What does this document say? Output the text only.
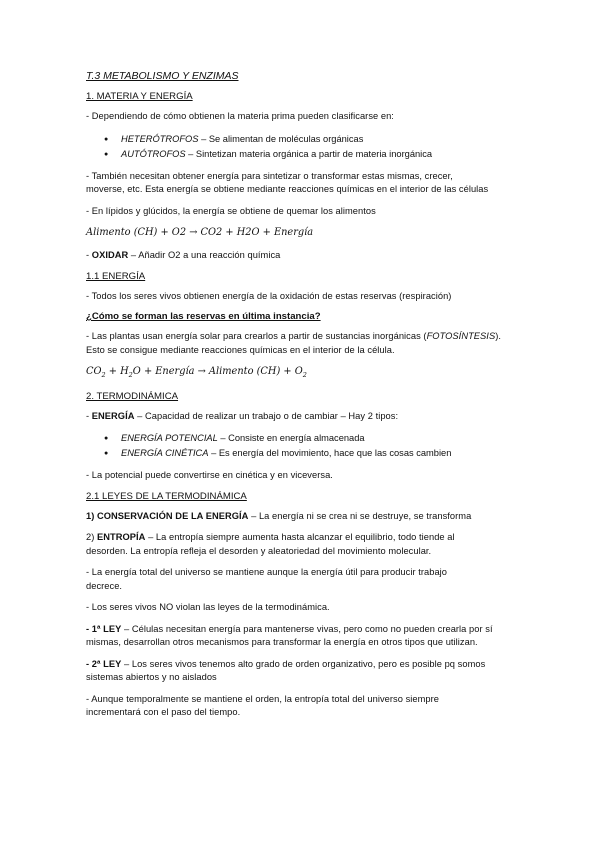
T.3 METABOLISMO Y ENZIMAS

1. MATERIA Y ENERGÍA

- Dependiendo de cómo obtienen la materia prima pueden clasificarse en:

● HETERÓTROFOS – Se alimentan de moléculas orgánicas
● AUTÓTROFOS – Sintetizan materia orgánica a partir de materia inorgánica

- También necesitan obtener energía para sintetizar o transformar estas mismas, crecer,

moverse, etc. Esta energía se obtiene mediante reacciones químicas en el interior de las células

- En lípidos y glúcidos, la energía se obtiene de quemar los alimentos

Alimento (CH) + O2 → CO2 + H2O + Energía

- OXIDAR – Añadir O2 a una reacción química

1.1 ENERGÍA

- Todos los seres vivos obtienen energía de la oxidación de estas reservas (respiración)

¿Cómo se forman las reservas en última instancia?

- Las plantas usan energía solar para crearlos a partir de sustancias inorgánicas (FOTOSÍNTESIS).

Esto se consigue mediante reacciones químicas en el interior de la célula.

$CO_2 + H_2O$ + Energía → Alimento $(CH) + O_2$

2. TERMODINÁMICA

- ENERGÍA – Capacidad de realizar un trabajo o de cambiar – Hay 2 tipos:

● ENERGÍA POTENCIAL – Consiste en energía almacenada
● ENERGÍA CINÉTICA – Es energía del movimiento, hace que las cosas cambien

- La potencial puede convertirse en cinética y en viceversa.

2.1 LEYES DE LA TERMODINÁMICA

1) CONSERVACIÓN DE LA ENERGÍA – La energía ni se crea ni se destruye, se transforma

2) ENTROPÍA – La entropía siempre aumenta hasta alcanzar el equilibrio, todo tiende al

desorden. La entropía refleja el desorden y aleatoriedad del movimiento molecular.

- La energía total del universo se mantiene aunque la energía útil para producir trabajo

decrece.

- Los seres vivos NO violan las leyes de la termodinámica.

- 1ª LEY – Células necesitan energía para mantenerse vivas, pero como no pueden crearla por sí

mismas, desarrollan otros mecanismos para transformar la energía en otros tipos que utilizan.

- 2ª LEY – Los seres vivos tenemos alto grado de orden organizativo, pero es posible pq somos

sistemas abiertos y no aislados

- Aunque temporalmente se mantiene el orden, la entropía total del universo siempre

incrementará con el paso del tiempo.
